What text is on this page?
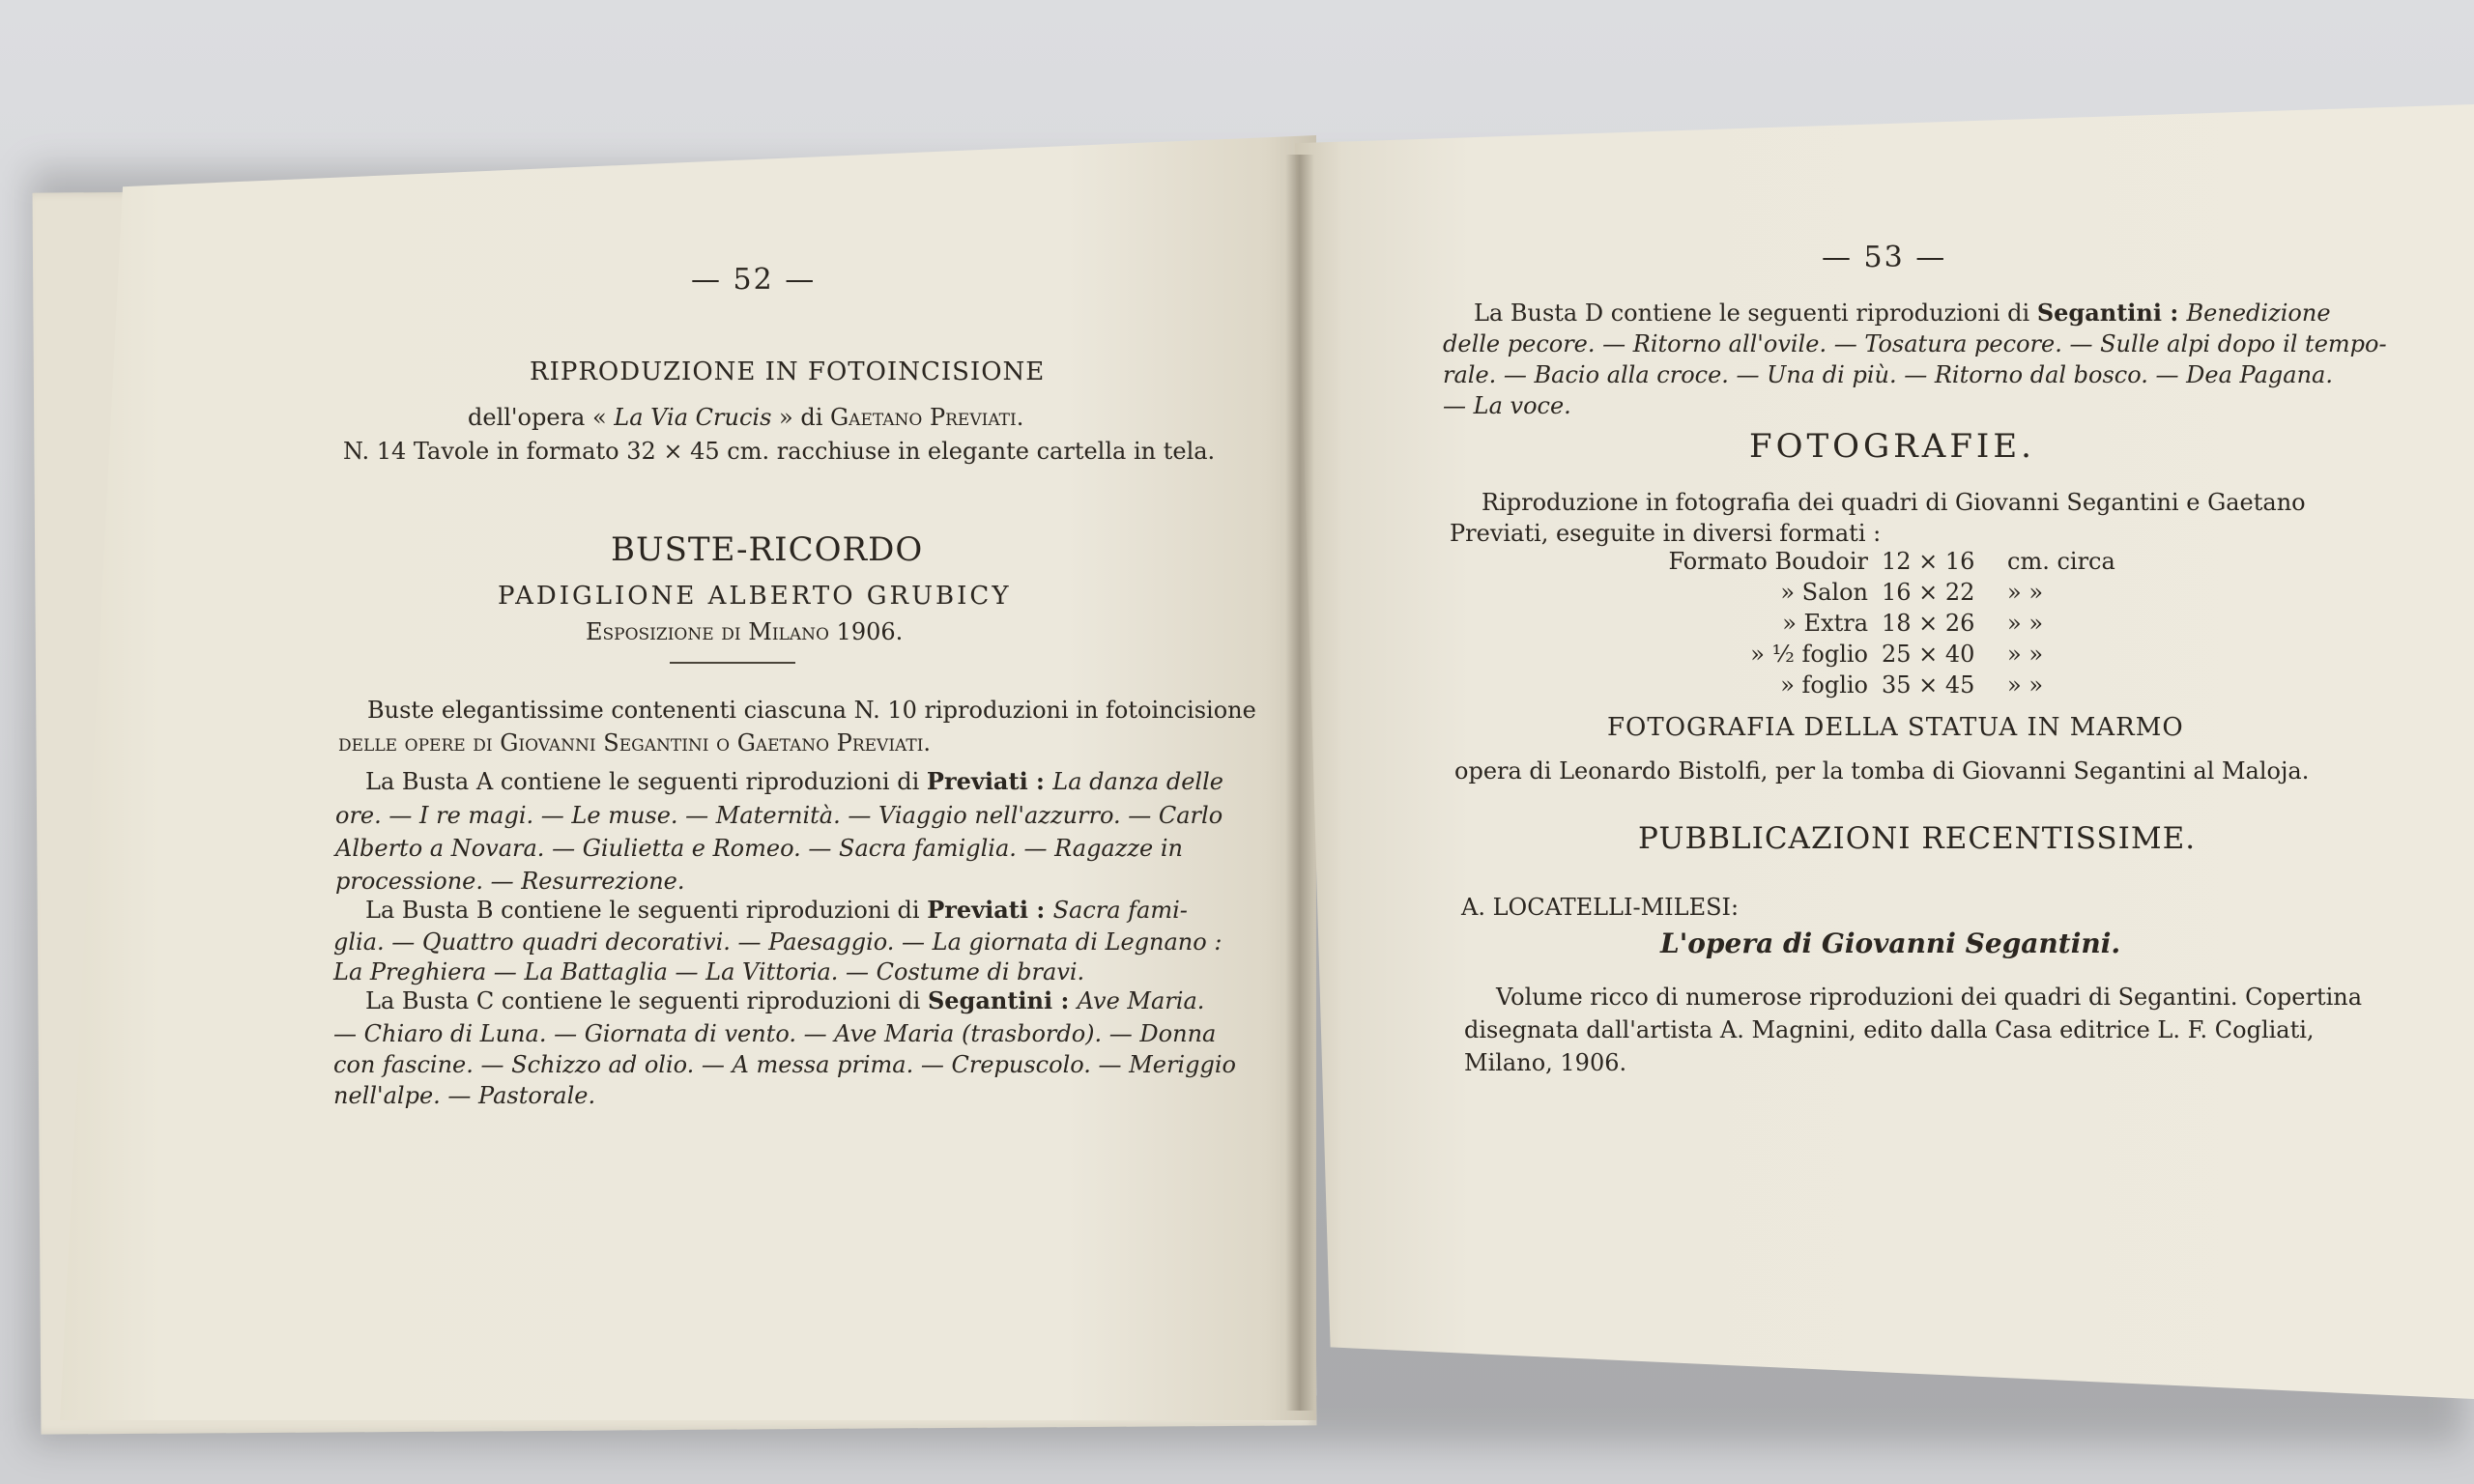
— 52 —
RIPRODUZIONE IN FOTOINCISIONE
dell'opera « La Via Crucis » di Gaetano Previati.
N. 14 Tavole in formato 32 × 45 cm. racchiuse in elegante cartella in tela.
BUSTE-RICORDO
PADIGLIONE ALBERTO GRUBICY
Esposizione di Milano 1906.
Buste elegantissime contenenti ciascuna N. 10 riproduzioni in fotoincisione
delle opere di Giovanni Segantini o Gaetano Previati.
La Busta A contiene le seguenti riproduzioni di Previati : La danza delle
ore. — I re magi. — Le muse. — Maternità. — Viaggio nell'azzurro. — Carlo
Alberto a Novara. — Giulietta e Romeo. — Sacra famiglia. — Ragazze in
processione. — Resurrezione.
La Busta B contiene le seguenti riproduzioni di Previati : Sacra fami-
glia. — Quattro quadri decorativi. — Paesaggio. — La giornata di Legnano :
La Preghiera — La Battaglia — La Vittoria. — Costume di bravi.
La Busta C contiene le seguenti riproduzioni di Segantini : Ave Maria.
— Chiaro di Luna. — Giornata di vento. — Ave Maria (trasbordo). — Donna
con fascine. — Schizzo ad olio. — A messa prima. — Crepuscolo. — Meriggio
nell'alpe. — Pastorale.
— 53 —
La Busta D contiene le seguenti riproduzioni di Segantini : Benedizione
delle pecore. — Ritorno all'ovile. — Tosatura pecore. — Sulle alpi dopo il tempo-
rale. — Bacio alla croce. — Una di più. — Ritorno dal bosco. — Dea Pagana.
— La voce.
FOTOGRAFIE.
Riproduzione in fotografia dei quadri di Giovanni Segantini e Gaetano
Previati, eseguite in diversi formati :
Formato Boudoir 12 × 16	cm. circa
» Salon 16 × 22	» »
» Extra 18 × 26	» »
» ½ foglio 25 × 40	» »
» foglio 35 × 45	» »
FOTOGRAFIA DELLA STATUA IN MARMO
opera di Leonardo Bistolfi, per la tomba di Giovanni Segantini al Maloja.
PUBBLICAZIONI RECENTISSIME.
A. LOCATELLI-MILESI:
L'opera di Giovanni Segantini.
Volume ricco di numerose riproduzioni dei quadri di Segantini. Copertina
disegnata dall'artista A. Magnini, edito dalla Casa editrice L. F. Cogliati,
Milano, 1906.
